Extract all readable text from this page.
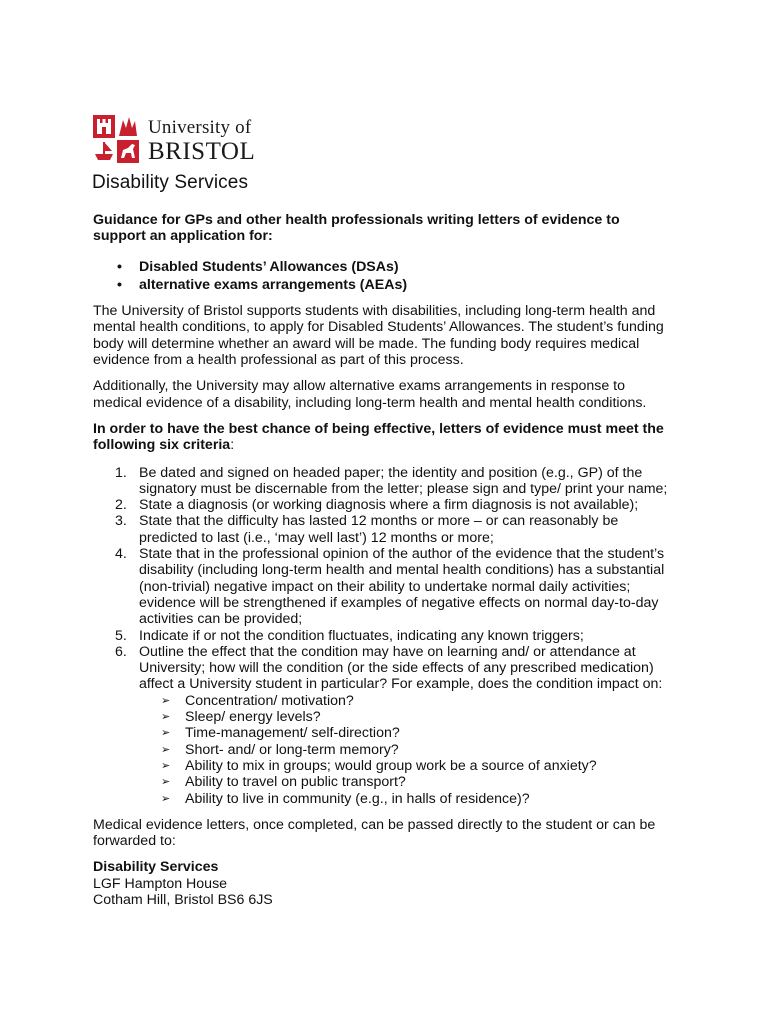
University of
BRISTOL
Disability Services

Guidance for GPs and other health professionals writing letters of evidence to support an application for:

• Disabled Students’ Allowances (DSAs)
• alternative exams arrangements (AEAs)

The University of Bristol supports students with disabilities, including long-term health and mental health conditions, to apply for Disabled Students’ Allowances. The student’s funding body will determine whether an award will be made. The funding body requires medical evidence from a health professional as part of this process.

Additionally, the University may allow alternative exams arrangements in response to medical evidence of a disability, including long-term health and mental health conditions.

In order to have the best chance of being effective, letters of evidence must meet the following six criteria:

1. Be dated and signed on headed paper; the identity and position (e.g., GP) of the signatory must be discernable from the letter; please sign and type/ print your name;
2. State a diagnosis (or working diagnosis where a firm diagnosis is not available);
3. State that the difficulty has lasted 12 months or more – or can reasonably be predicted to last (i.e., ‘may well last’) 12 months or more;
4. State that in the professional opinion of the author of the evidence that the student’s disability (including long-term health and mental health conditions) has a substantial (non-trivial) negative impact on their ability to undertake normal daily activities; evidence will be strengthened if examples of negative effects on normal day-to-day activities can be provided;
5. Indicate if or not the condition fluctuates, indicating any known triggers;
6. Outline the effect that the condition may have on learning and/ or attendance at University; how will the condition (or the side effects of any prescribed medication) affect a University student in particular? For example, does the condition impact on:
➢ Concentration/ motivation?
➢ Sleep/ energy levels?
➢ Time-management/ self-direction?
➢ Short- and/ or long-term memory?
➢ Ability to mix in groups; would group work be a source of anxiety?
➢ Ability to travel on public transport?
➢ Ability to live in community (e.g., in halls of residence)?

Medical evidence letters, once completed, can be passed directly to the student or can be forwarded to:

Disability Services
LGF Hampton House
Cotham Hill, Bristol BS6 6JS
